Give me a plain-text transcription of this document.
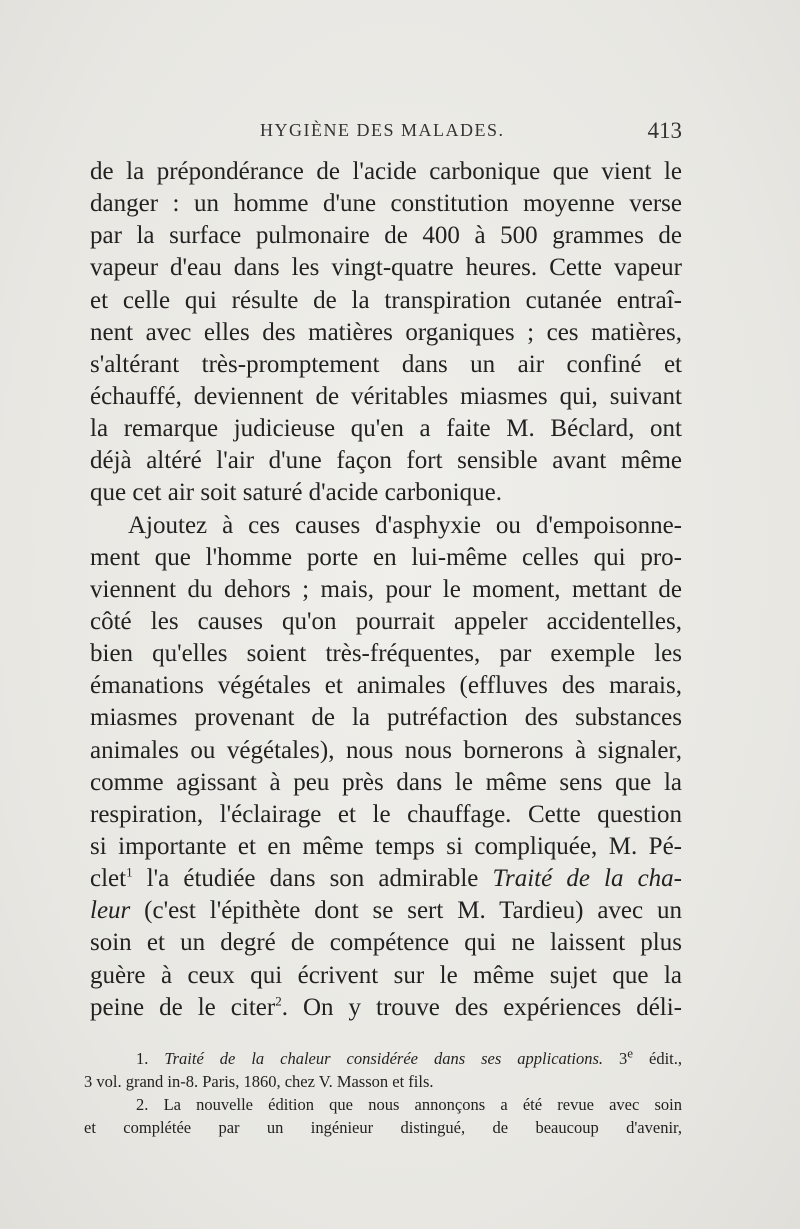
HYGIÈNE DES MALADES.	413
de la prépondérance de l'acide carbonique que vient le
danger : un homme d'une constitution moyenne verse
par la surface pulmonaire de 400 à 500 grammes de
vapeur d'eau dans les vingt-quatre heures. Cette vapeur
et celle qui résulte de la transpiration cutanée entraî-
nent avec elles des matières organiques ; ces matières,
s'altérant très-promptement dans un air confiné et
échauffé, deviennent de véritables miasmes qui, suivant
la remarque judicieuse qu'en a faite M. Béclard, ont
déjà altéré l'air d'une façon fort sensible avant même
que cet air soit saturé d'acide carbonique.
Ajoutez à ces causes d'asphyxie ou d'empoisonne-
ment que l'homme porte en lui-même celles qui pro-
viennent du dehors ; mais, pour le moment, mettant de
côté les causes qu'on pourrait appeler accidentelles,
bien qu'elles soient très-fréquentes, par exemple les
émanations végétales et animales (effluves des marais,
miasmes provenant de la putréfaction des substances
animales ou végétales), nous nous bornerons à signaler,
comme agissant à peu près dans le même sens que la
respiration, l'éclairage et le chauffage. Cette question
si importante et en même temps si compliquée, M. Pé-
clet$^1$ l'a étudiée dans son admirable Traité de la cha-
leur (c'est l'épithète dont se sert M. Tardieu) avec un
soin et un degré de compétence qui ne laissent plus
guère à ceux qui écrivent sur le même sujet que la
peine de le citer$^2$. On y trouve des expériences déli-
1. Traité de la chaleur considérée dans ses applications. 3e édit.,
3 vol. grand in-8. Paris, 1860, chez V. Masson et fils.
2. La nouvelle édition que nous annonçons a été revue avec soin
et complétée par un ingénieur distingué, de beaucoup d'avenir,
